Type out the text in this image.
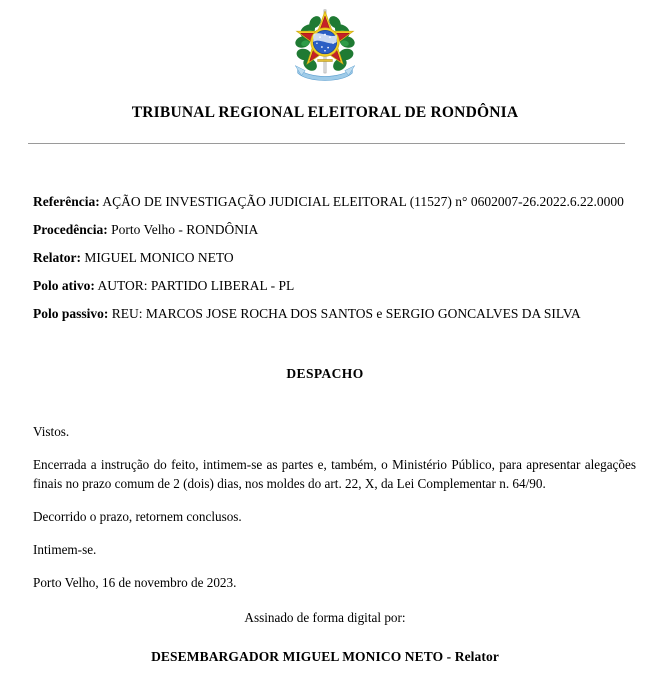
TRIBUNAL REGIONAL ELEITORAL DE RONDÔNIA
Referência: AÇÃO DE INVESTIGAÇÃO JUDICIAL ELEITORAL (11527) n° 0602007-26.2022.6.22.0000
Procedência: Porto Velho - RONDÔNIA
Relator: MIGUEL MONICO NETO
Polo ativo: AUTOR: PARTIDO LIBERAL - PL
Polo passivo: REU: MARCOS JOSE ROCHA DOS SANTOS e SERGIO GONCALVES DA SILVA
DESPACHO

Vistos.

Encerrada a instrução do feito, intimem-se as partes e, também, o Ministério Público, para apresentar alegações finais no prazo comum de 2 (dois) dias, nos moldes do art. 22, X, da Lei Complementar n. 64/90.

Decorrido o prazo, retornem conclusos.

Intimem-se.

Porto Velho, 16 de novembro de 2023.

Assinado de forma digital por:
DESEMBARGADOR MIGUEL MONICO NETO - Relator
